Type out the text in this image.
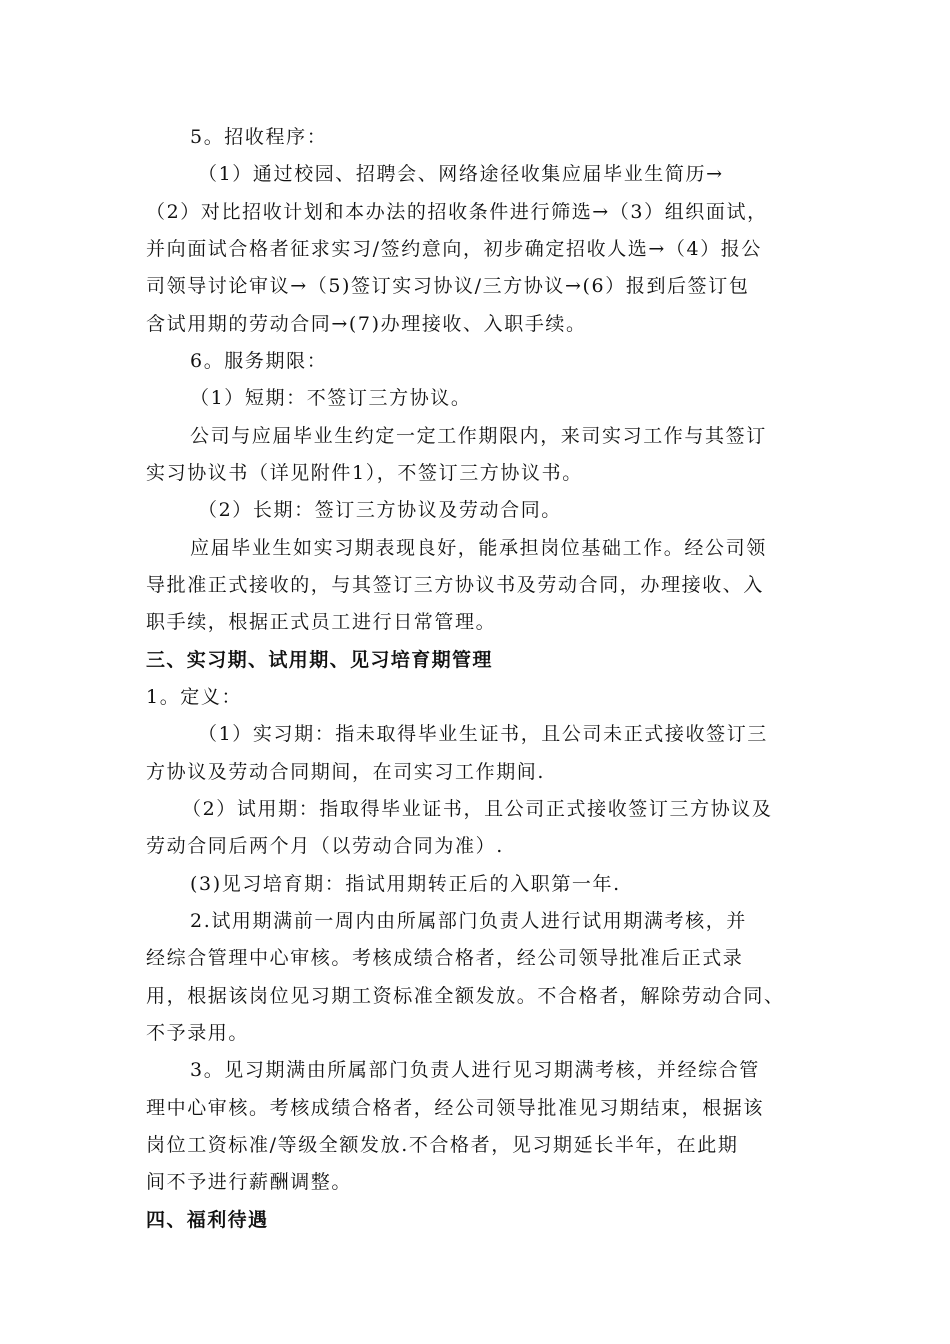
5。招收程序：
（1）通过校园、招聘会、网络途径收集应届毕业生简历→
（2）对比招收计划和本办法的招收条件进行筛选→（3）组织面试，
并向面试合格者征求实习/签约意向，初步确定招收人选→（4）报公
司领导讨论审议→（5)签订实习协议/三方协议→(6）报到后签订包
含试用期的劳动合同→(7)办理接收、入职手续。
6。服务期限：
（1）短期：不签订三方协议。
公司与应届毕业生约定一定工作期限内，来司实习工作与其签订
实习协议书（详见附件1），不签订三方协议书。
（2）长期：签订三方协议及劳动合同。
应届毕业生如实习期表现良好，能承担岗位基础工作。经公司领
导批准正式接收的，与其签订三方协议书及劳动合同，办理接收、入
职手续，根据正式员工进行日常管理。
三、实习期、试用期、见习培育期管理
1。定义：
（1）实习期：指未取得毕业生证书，且公司未正式接收签订三
方协议及劳动合同期间，在司实习工作期间.
（2）试用期：指取得毕业证书，且公司正式接收签订三方协议及
劳动合同后两个月（以劳动合同为准）.
(3)见习培育期：指试用期转正后的入职第一年.
2.试用期满前一周内由所属部门负责人进行试用期满考核，并
经综合管理中心审核。考核成绩合格者，经公司领导批准后正式录
用，根据该岗位见习期工资标准全额发放。不合格者，解除劳动合同、
不予录用。
3。见习期满由所属部门负责人进行见习期满考核，并经综合管
理中心审核。考核成绩合格者，经公司领导批准见习期结束，根据该
岗位工资标准/等级全额发放.不合格者，见习期延长半年，在此期
间不予进行薪酬调整。
四、福利待遇
